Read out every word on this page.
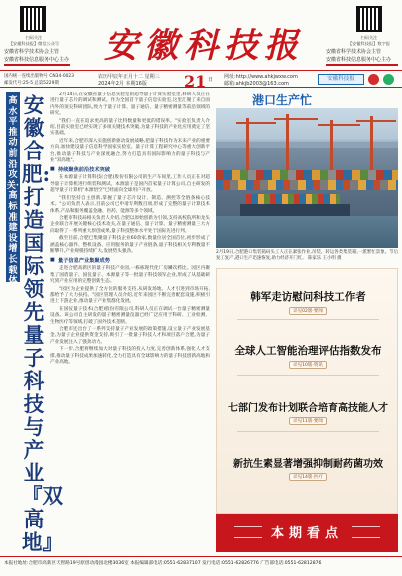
扫码关注
【安徽科技报】微信公众号
安徽省科学技术协会主管
安徽省科技信息服务中心主办	安徽科技报	扫码关注
【安徽科技报】数字报
安徽省科学技术协会主管
安徽省科技信息服务中心主办
国内统一连续出版物号 CN34-0023
邮发代号:25-5 总第5229期
农历甲辰年正月十二 星期三
2024年2月 本期16版 21 日 网址:http://www.ahkjwxw.com
邮箱:ahkjb2003@163.com
安徽科技报
高水平推动前沿攻关·高标准建设增长载体
安徽合肥:打造国际领先量子科技与产业『双高地』
2月14日,在安徽省量子信息实验室的超导量子计算实验室里,科研人员正在进行量子芯片的调试和测试。作为全国首个量子信息实验室,这里汇聚了来自国内外的顶尖科研团队,致力于量子计算、量子通信、量子精密测量等前沿领域的研究。
"我们一直在追求更高的量子比特数量和更低的错误率。"实验室负责人介绍,目前实验室已经实现了多项关键技术突破,为量子科技的产业化应用奠定了坚实基础。
近年来,合肥市深入实施创新驱动发展战略,把量子科技作为未来产业的重要方向,加快建设量子信息科学国家实验室、量子计算工程研究中心等重大创新平台,推动量子科技与产业深度融合,努力打造具有国际影响力的量子科技与产业"双高地"。
■ 持续聚焦前沿技术突破
在本源量子计算科技(合肥)股份有限公司的生产车间里,工作人员正在对超导量子计算机进行组装和测试。本源量子是国内首家量子计算公司,自主研发的超导量子计算机"本源悟空"已经面向全球用户开放。
"我们坚持自主创新,掌握了量子芯片设计、制造、测控等全链条核心技术。"公司负责人表示,目前公司已申请专利数百项,形成了完整的量子计算技术体系,产品和服务覆盖金融、医药、能源等多个领域。
合肥市科技局相关负责人介绍,合肥以原始创新为引领,支持高校院所和龙头企业联合开展关键核心技术攻关,在量子通信、量子计算、量子精密测量三大方向取得了一系列重大原创成果,量子科技整体水平处于国际先进行列。
截至目前,合肥已集聚量子科技企业60余家,数量位居全国首位,初步形成了涵盖核心器件、整机设备、应用服务的量子产业链条,量子科技相关专利数量不断攀升,产业规模持续扩大,发展势头强劲。
■ 量子信息产业集聚成势
走进合肥高新区的量子科技产业园,一栋栋现代化厂房鳞次栉比。园区内聚集了国盾量子、国仪量子、本源量子等一批量子科技领军企业,形成了从基础研究到产业应用的完整创新生态。
"园区为企业提供了全方位的服务支持,从研发场地、人才引进到市场开拓,都给予了大力扶持。"园区管理人员介绍,近年来园区不断完善配套设施,积极引进上下游企业,推动量子产业集群化发展。
在国仪量子技术(合肥)股份有限公司,科研人员正在调试一台量子精密测量设备。该公司自主研发的量子精密测量仪器已经广泛应用于科研、工业检测、生物医疗等领域,打破了国外技术垄断。
合肥市还出台了一系列支持量子产业发展的政策措施,设立量子产业发展基金,为量子企业提供资金支持,吸引了一批量子科技人才和项目落户合肥,为量子产业发展注入了强劲动力。
下一步,合肥将继续加大对量子科技的投入力度,完善创新体系,强化人才支撑,推动量子科技成果加速转化,全力打造具有全球影响力的量子科技创新高地和产业高地。
港口生产忙
2月19日,合肥港口集装箱码头工人正在紧张作业,吊装、转运各类集装箱,一派繁忙景象。节后复工复产,港口生产迅速恢复,助力经济开门红。 陈家乐 王小明 摄
韩军走访慰问科技工作者
详见02版·要闻
全球人工智能治理评估指数发布
详见10版·资讯
七部门发布计划联合培育高技能人才
详见11版·要闻
新抗生素显著增强抑制耐药菌功效
详见14版·医疗
本期看点
本报社地址:合肥市高新区天智路19号原创动漫园北楼3036室 本报编辑部电话:0551-62837107 发行电话:0551-62826776 广告部电话:0551-62812876
